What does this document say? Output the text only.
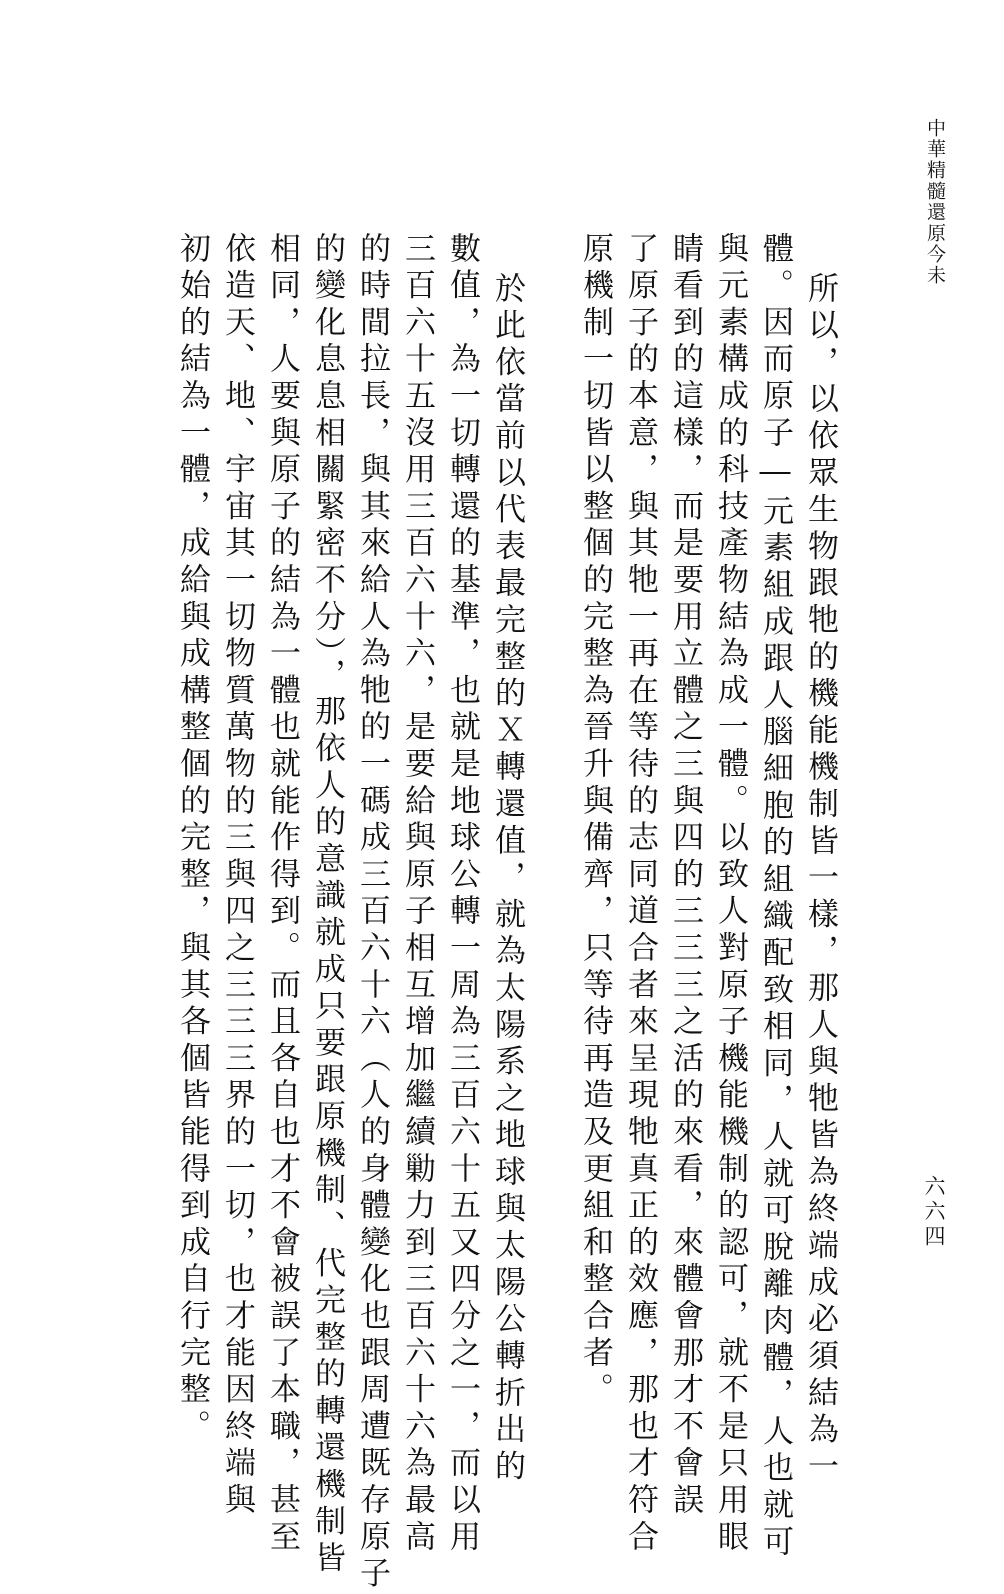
中華精髓還原今未
所以，以依眾生物跟牠的機能機制皆一樣，那人與牠皆為終端成必須結為一
體。因而原子―元素組成跟人腦細胞的組織配致相同，人就可脫離肉體，人也就可
與元素構成的科技產物結為成一體。以致人對原子機能機制的認可，就不是只用眼
睛看到的這樣，而是要用立體之三與四的三三三之活的來看，來體會那才不會誤
了原子的本意，與其牠一再在等待的志同道合者來呈現牠真正的效應，那也才符合
原機制一切皆以整個的完整為晉升與備齊，只等待再造及更組和整合者。
於此依當前以代表最完整的Ｘ轉還值，就為太陽系之地球與太陽公轉折出的
數值，為一切轉還的基準，也就是地球公轉一周為三百六十五又四分之一，而以用
三百六十五沒用三百六十六，是要給與原子相互增加繼續勦力到三百六十六為最高
的時間拉長，與其來給人為牠的一碼成三百六十六（人的身體變化也跟周遭既存原子
的變化息息相關緊密不分），那依人的意識就成只要跟原機制、代完整的轉還機制皆
相同，人要與原子的結為一體也就能作得到。而且各自也才不會被誤了本職，甚至
依造天、地、宇宙其一切物質萬物的三與四之三三三界的一切，也才能因終端與
初始的結為一體，成給與成構整個的完整，與其各個皆能得到成自行完整。	六六四
